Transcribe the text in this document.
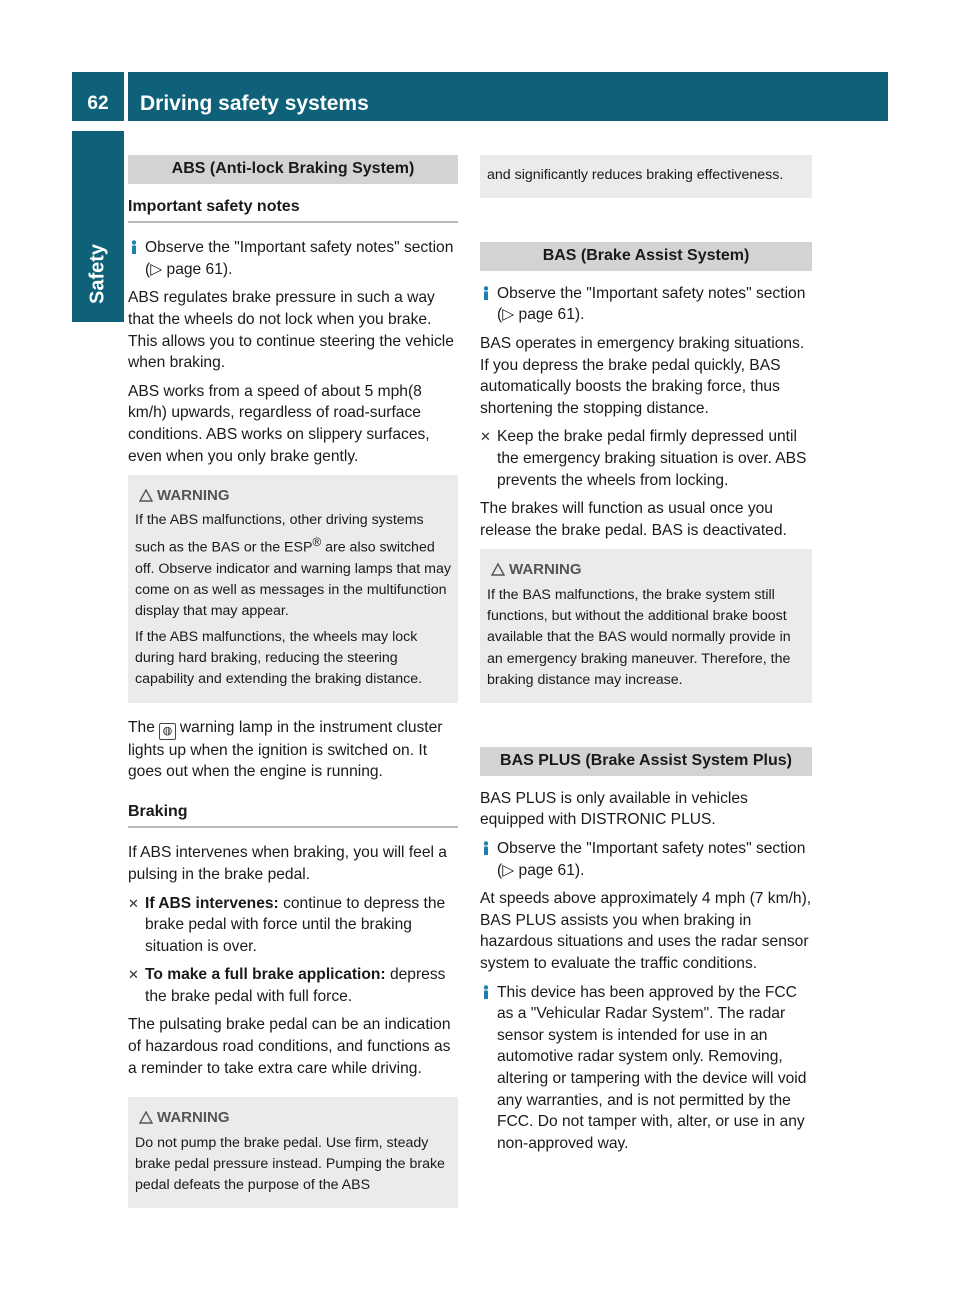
62	Driving safety systems
Safety
ABS (Anti-lock Braking System)
Important safety notes
Observe the "Important safety notes" section (▷ page 61).

ABS regulates brake pressure in such a way that the wheels do not lock when you brake. This allows you to continue steering the vehicle when braking.

ABS works from a speed of about 5 mph(8 km/h) upwards, regardless of road-surface conditions. ABS works on slippery surfaces, even when you only brake gently.

WARNING

If the ABS malfunctions, other driving systems such as the BAS or the ESP® are also switched off. Observe indicator and warning lamps that may come on as well as messages in the multifunction display that may appear.

If the ABS malfunctions, the wheels may lock during hard braking, reducing the steering capability and extending the braking distance.

The ◍ warning lamp in the instrument cluster lights up when the ignition is switched on. It goes out when the engine is running.

Braking

If ABS intervenes when braking, you will feel a pulsing in the brake pedal.

✕ If ABS intervenes: continue to depress the brake pedal with force until the braking situation is over.
✕ To make a full brake application: depress the brake pedal with full force.

The pulsating brake pedal can be an indication of hazardous road conditions, and functions as a reminder to take extra care while driving.

WARNING

Do not pump the brake pedal. Use firm, steady brake pedal pressure instead. Pumping the brake pedal defeats the purpose of the ABS

and significantly reduces braking effectiveness.

BAS (Brake Assist System)
Observe the "Important safety notes" section (▷ page 61).

BAS operates in emergency braking situations. If you depress the brake pedal quickly, BAS automatically boosts the braking force, thus shortening the stopping distance.

✕ Keep the brake pedal firmly depressed until the emergency braking situation is over. ABS prevents the wheels from locking.

The brakes will function as usual once you release the brake pedal. BAS is deactivated.

WARNING

If the BAS malfunctions, the brake system still functions, but without the additional brake boost available that the BAS would normally provide in an emergency braking maneuver. Therefore, the braking distance may increase.

BAS PLUS (Brake Assist System Plus)

BAS PLUS is only available in vehicles equipped with DISTRONIC PLUS.

Observe the "Important safety notes" section (▷ page 61).

At speeds above approximately 4 mph (7 km/h), BAS PLUS assists you when braking in hazardous situations and uses the radar sensor system to evaluate the traffic conditions.

This device has been approved by the FCC as a "Vehicular Radar System". The radar sensor system is intended for use in an automotive radar system only. Removing, altering or tampering with the device will void any warranties, and is not permitted by the FCC. Do not tamper with, alter, or use in any non-approved way.
